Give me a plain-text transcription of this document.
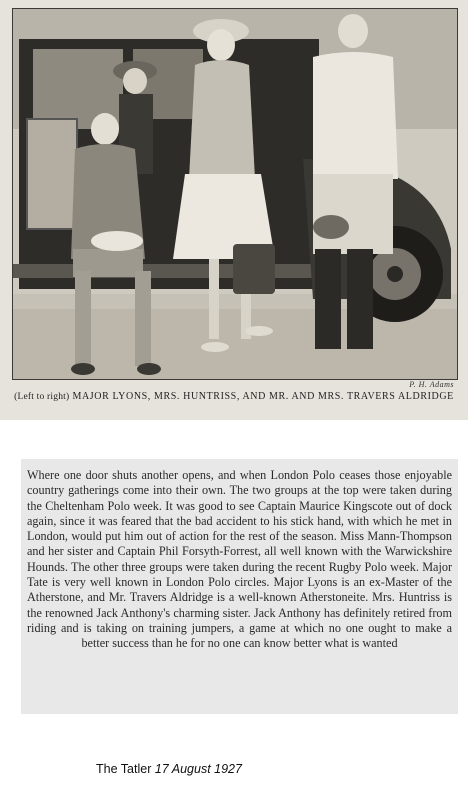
P. H. Adams
(Left to right) MAJOR LYONS, MRS. HUNTRISS, AND MR. AND MRS. TRAVERS ALDRIDGE

Where one door shuts another opens, and when London Polo ceases those enjoyable country gatherings come into their own. The two groups at the top were taken during the Cheltenham Polo week. It was good to see Captain Maurice Kingscote out of dock again, since it was feared that the bad accident to his stick hand, with which he met in London, would put him out of action for the rest of the season. Miss Mann-Thompson and her sister and Captain Phil Forsyth-Forrest, all well known with the Warwickshire Hounds. The other three groups were taken during the recent Rugby Polo week. Major Tate is very well known in London Polo circles. Major Lyons is an ex-Master of the Atherstone, and Mr. Travers Aldridge is a well-known Atherstoneite. Mrs. Huntriss is the renowned Jack Anthony's charming sister. Jack Anthony has definitely retired from riding and is taking on training jumpers, a game at which no one ought to make a better success than he for no one can know better what is wanted

The Tatler 17 August 1927
